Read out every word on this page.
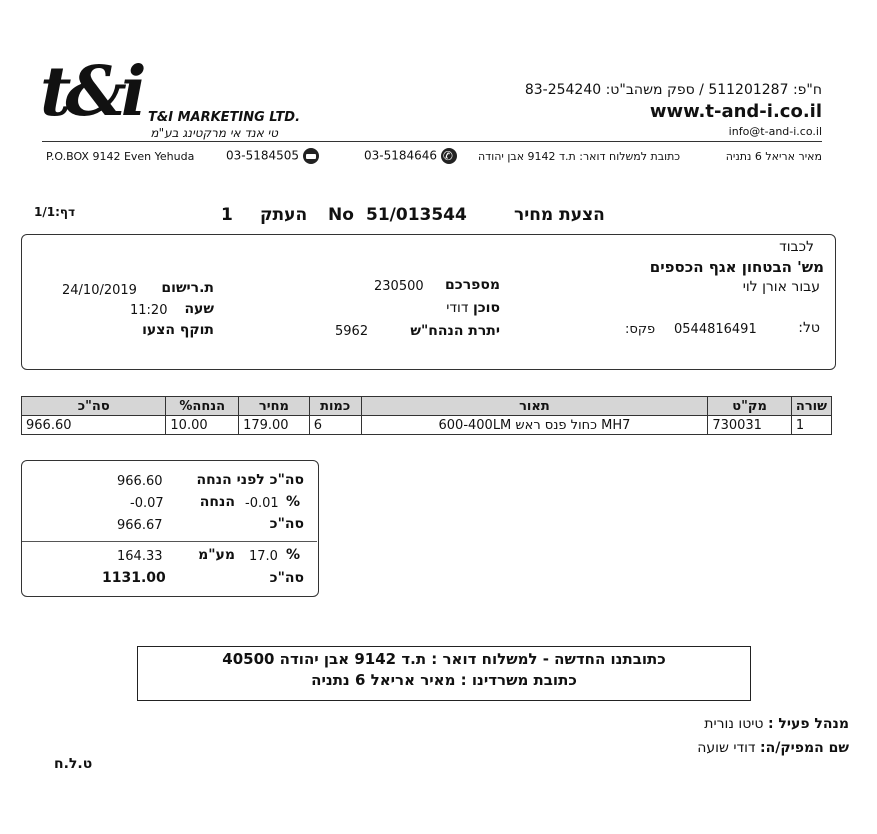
t&i T&I MARKETING LTD.
טי אנד אי מרקטינג בע"מ
ח"פ: 511201287 / ספק משהב"ט: 83-254240
www.t-and-i.co.il
info@t-and-i.co.il
P.O.BOX 9142 Even Yehuda	03-5184505	03-5184646 ✆ כתובת למשלוח דואר: ת.ד 9142 אבן יהודה	מאיר אריאל 6 נתניה
דף:1/1	1 העתק No 51/013544	הצעת מחיר
לכבוד
מש' הבטחון אגף הכספים
עבור אורן לוי
טל:
0544816491
פקס:
מספרכם
230500
סוכן דודי
יתרת הנהח"ש
5962
ת.רישום
24/10/2019
שעה
11:20
תוקף הצעו
סה"כ	%הנחה	מחיר	כמות	תאור	מק"ט	שורה
966.60	10.00	179.00	6	MH7 כחול פנס ראש 600-400LM	730031	1
966.60 סה"כ לפני הנחה
-0.07	הנחה -0.01 %
966.67	סה"כ
164.33	מע"מ 17.0 %
1131.00	סה"כ
כתובתנו החדשה - למשלוח דואר : ת.ד 9142 אבן יהודה 40500
כתובת משרדינו : מאיר אריאל 6 נתניה
מנהל פעיל : טיטו נורית
שם המפיק/ה: דודי שועה
ט.ל.ח
